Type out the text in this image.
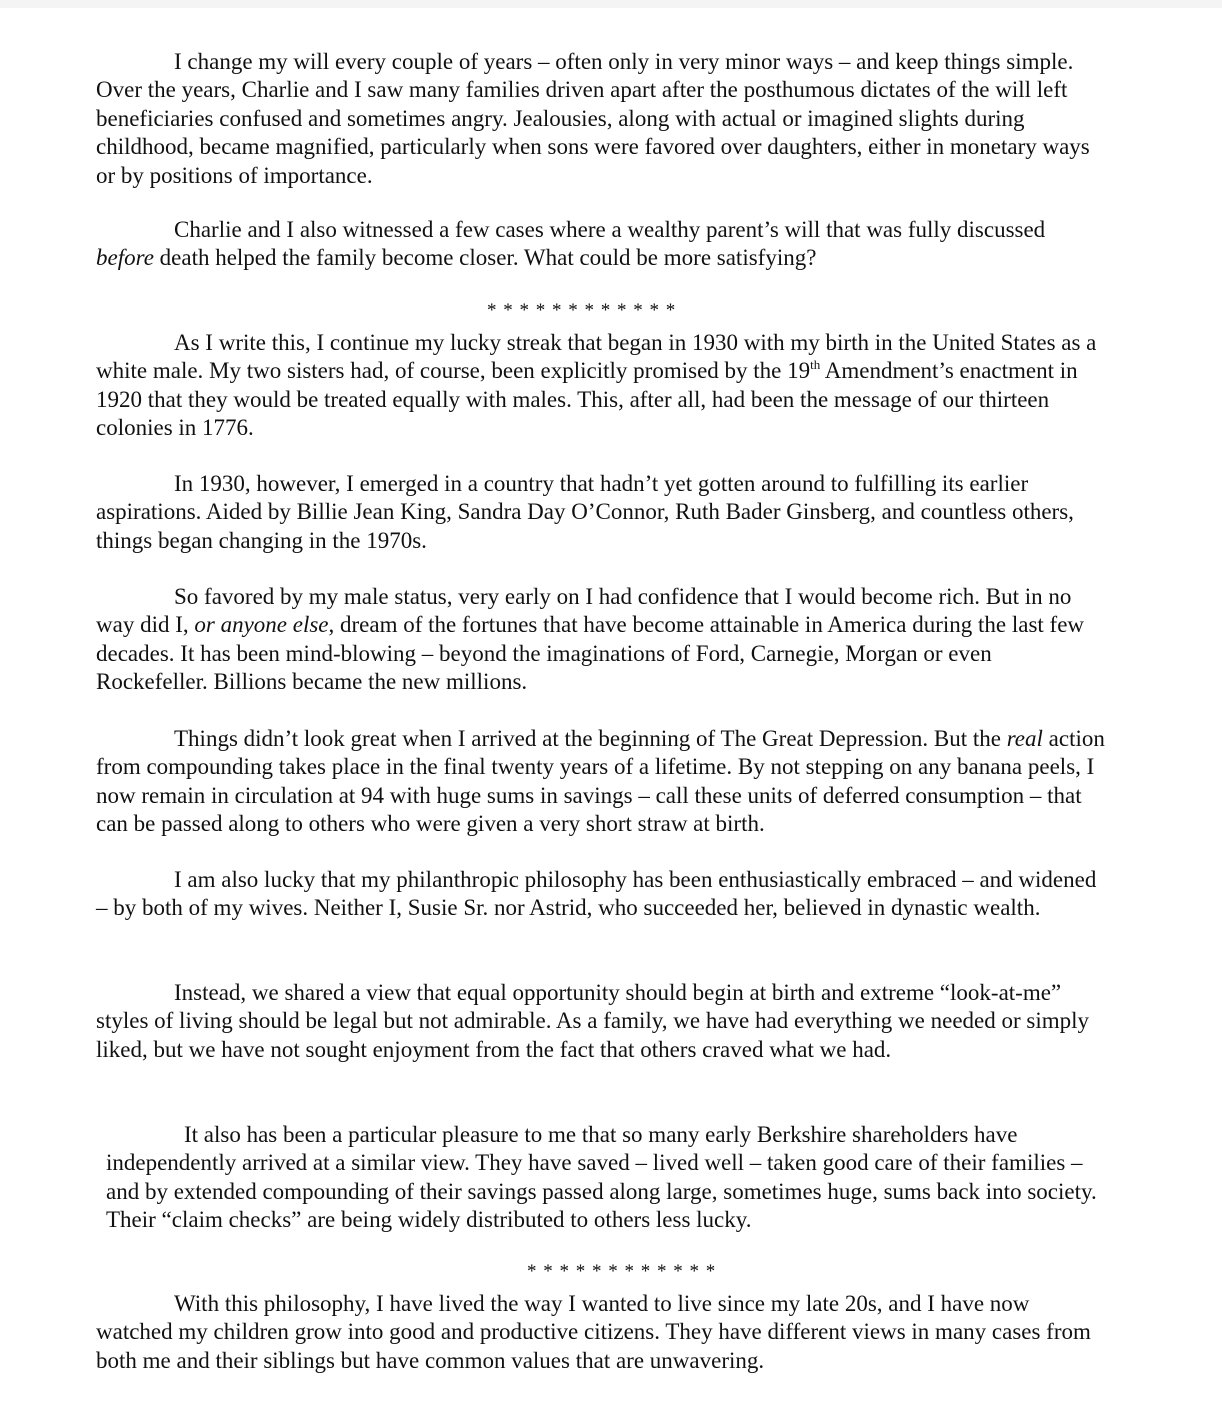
I change my will every couple of years – often only in very minor ways – and keep things simple. Over the years, Charlie and I saw many families driven apart after the posthumous dictates of the will left beneficiaries confused and sometimes angry. Jealousies, along with actual or imagined slights during childhood, became magnified, particularly when sons were favored over daughters, either in monetary ways or by positions of importance.

Charlie and I also witnessed a few cases where a wealthy parent’s will that was fully discussed before death helped the family become closer. What could be more satisfying?

* * * * * * * * * * * *

As I write this, I continue my lucky streak that began in 1930 with my birth in the United States as a white male. My two sisters had, of course, been explicitly promised by the 19th Amendment’s enactment in 1920 that they would be treated equally with males. This, after all, had been the message of our thirteen colonies in 1776.

In 1930, however, I emerged in a country that hadn’t yet gotten around to fulfilling its earlier aspirations. Aided by Billie Jean King, Sandra Day O’Connor, Ruth Bader Ginsberg, and countless others, things began changing in the 1970s.

So favored by my male status, very early on I had confidence that I would become rich. But in no way did I, or anyone else, dream of the fortunes that have become attainable in America during the last few decades. It has been mind-blowing – beyond the imaginations of Ford, Carnegie, Morgan or even Rockefeller. Billions became the new millions.

Things didn’t look great when I arrived at the beginning of The Great Depression. But the real action from compounding takes place in the final twenty years of a lifetime. By not stepping on any banana peels, I now remain in circulation at 94 with huge sums in savings – call these units of deferred consumption – that can be passed along to others who were given a very short straw at birth.

I am also lucky that my philanthropic philosophy has been enthusiastically embraced – and widened – by both of my wives. Neither I, Susie Sr. nor Astrid, who succeeded her, believed in dynastic wealth.

Instead, we shared a view that equal opportunity should begin at birth and extreme “look-at-me” styles of living should be legal but not admirable. As a family, we have had everything we needed or simply liked, but we have not sought enjoyment from the fact that others craved what we had.

It also has been a particular pleasure to me that so many early Berkshire shareholders have independently arrived at a similar view. They have saved – lived well – taken good care of their families – and by extended compounding of their savings passed along large, sometimes huge, sums back into society. Their “claim checks” are being widely distributed to others less lucky.

* * * * * * * * * * * *

With this philosophy, I have lived the way I wanted to live since my late 20s, and I have now watched my children grow into good and productive citizens. They have different views in many cases from both me and their siblings but have common values that are unwavering.
